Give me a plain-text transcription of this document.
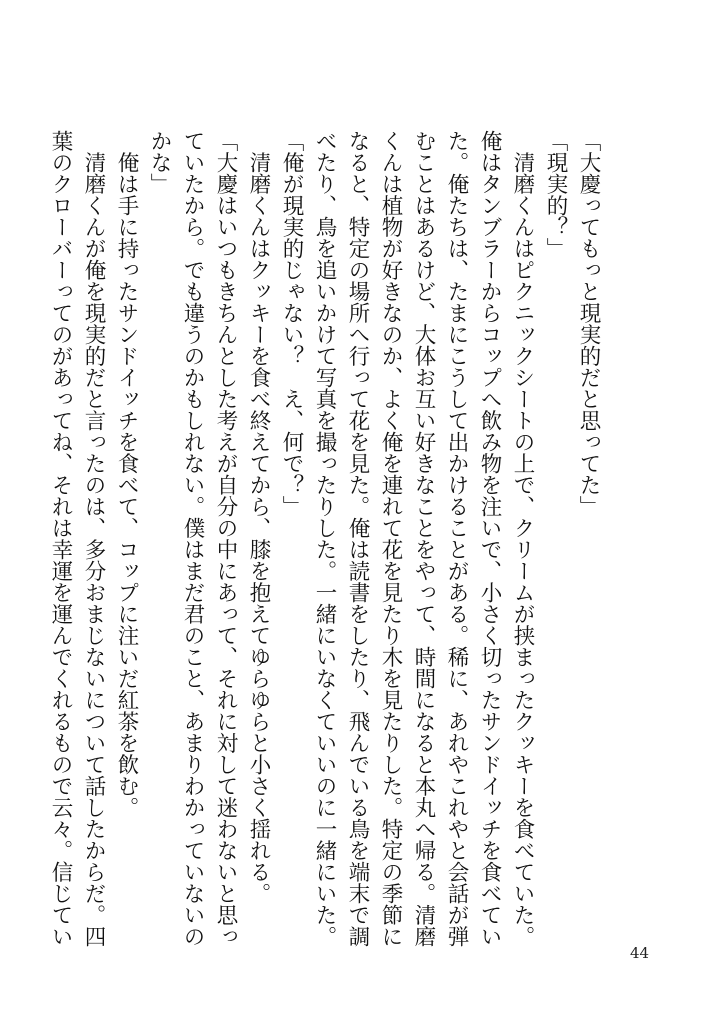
「大慶ってもっと現実的だと思ってた」
「現実的？」
　清磨くんはピクニックシートの上で、クリームが挟まったクッキーを食べていた。
俺はタンブラーからコップへ飲み物を注いで、小さく切ったサンドイッチを食べてい
た。俺たちは、たまにこうして出かけることがある。稀に、あれやこれやと会話が弾
むことはあるけど、大体お互い好きなことをやって、時間になると本丸へ帰る。清磨
くんは植物が好きなのか、よく俺を連れて花を見たり木を見たりした。特定の季節に
なると、特定の場所へ行って花を見た。俺は読書をしたり、飛んでいる鳥を端末で調
べたり、鳥を追いかけて写真を撮ったりした。一緒にいなくていいのに一緒にいた。
「俺が現実的じゃない？　え、何で？」
　清磨くんはクッキーを食べ終えてから、膝を抱えてゆらゆらと小さく揺れる。
「大慶はいつもきちんとした考えが自分の中にあって、それに対して迷わないと思っ
ていたから。でも違うのかもしれない。僕はまだ君のこと、あまりわかっていないの
かな」
　俺は手に持ったサンドイッチを食べて、コップに注いだ紅茶を飲む。
　清磨くんが俺を現実的だと言ったのは、多分おまじないについて話したからだ。四
葉のクローバーってのがあってね、それは幸運を運んでくれるもので云々。信じてい
44
